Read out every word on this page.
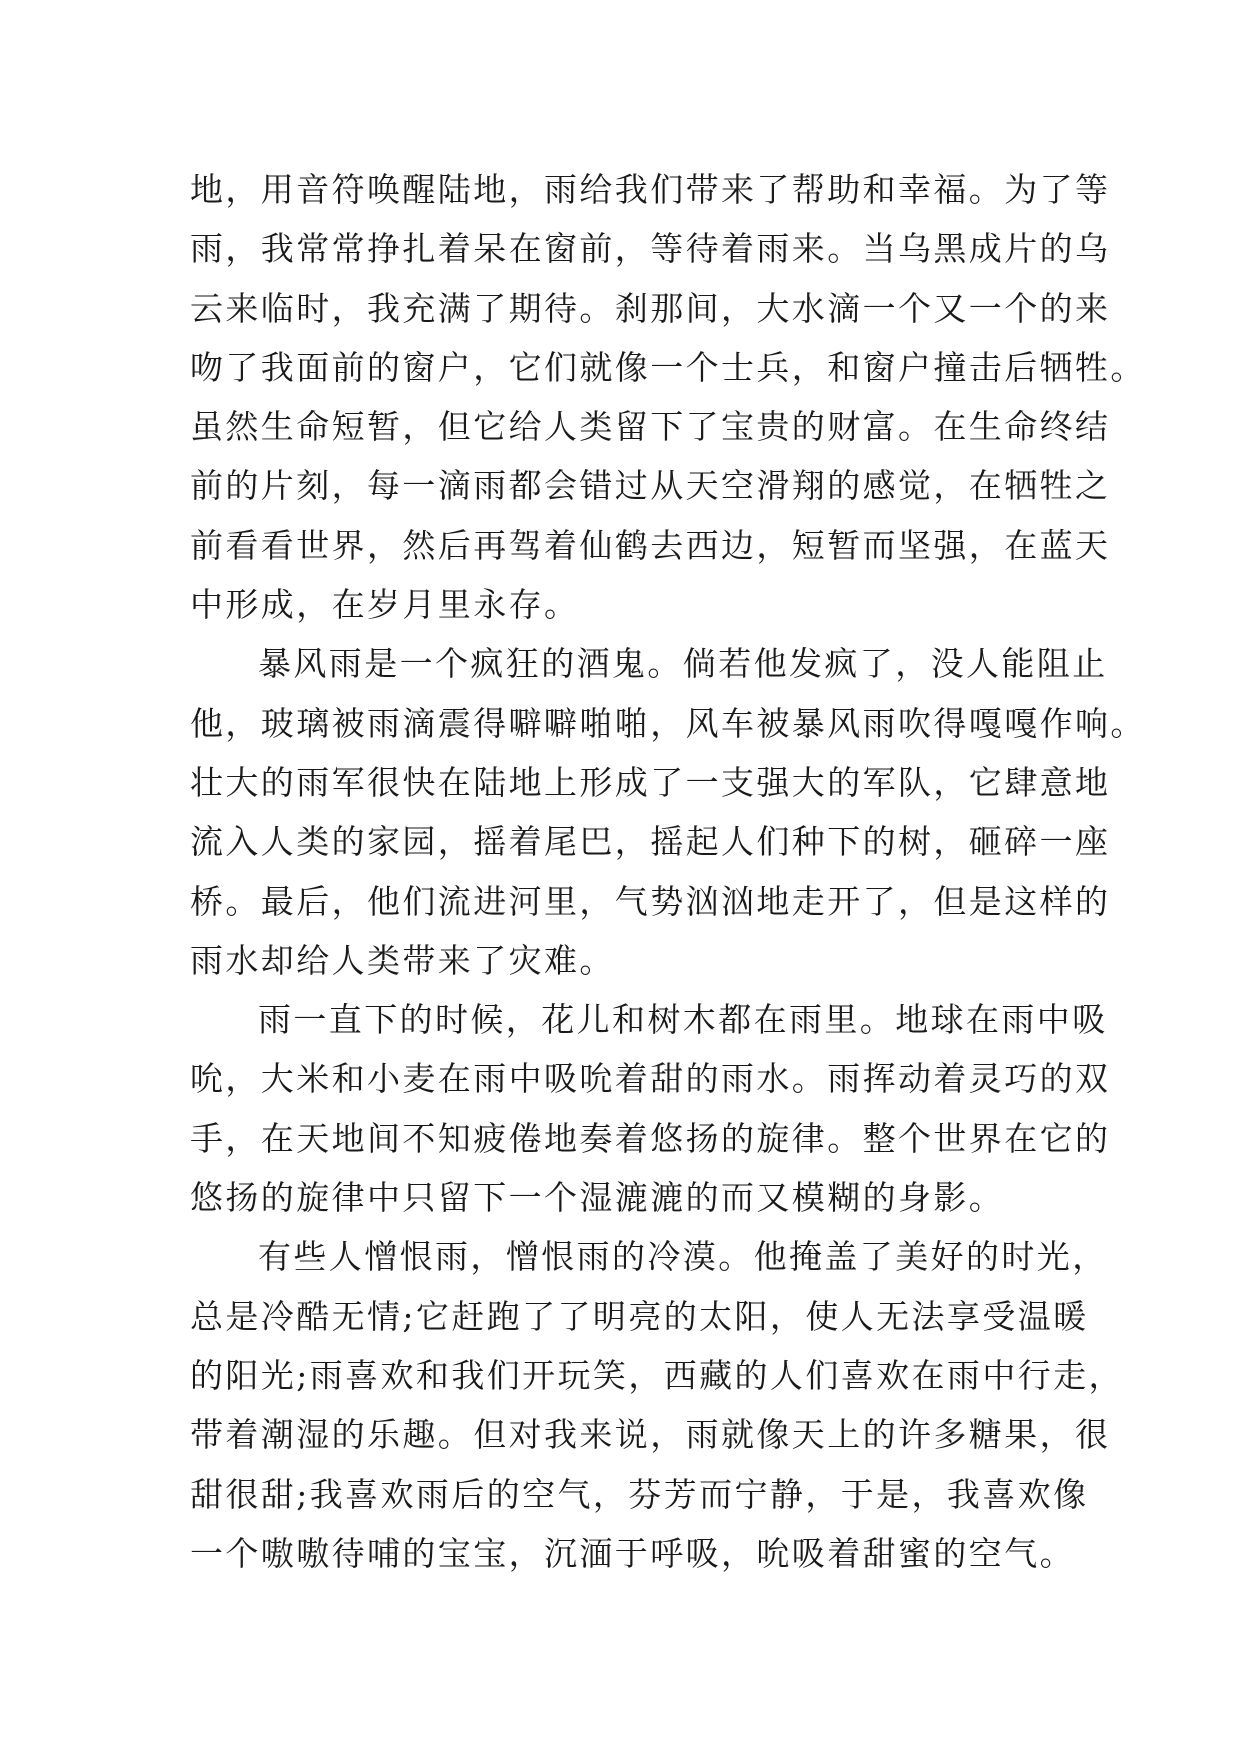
地，用音符唤醒陆地，雨给我们带来了帮助和幸福。为了等
雨，我常常挣扎着呆在窗前，等待着雨来。当乌黑成片的乌
云来临时，我充满了期待。刹那间，大水滴一个又一个的来
吻了我面前的窗户，它们就像一个士兵，和窗户撞击后牺牲。
虽然生命短暂，但它给人类留下了宝贵的财富。在生命终结
前的片刻，每一滴雨都会错过从天空滑翔的感觉，在牺牲之
前看看世界，然后再驾着仙鹤去西边，短暂而坚强，在蓝天
中形成，在岁月里永存。
暴风雨是一个疯狂的酒鬼。倘若他发疯了，没人能阻止
他，玻璃被雨滴震得噼噼啪啪，风车被暴风雨吹得嘎嘎作响。
壮大的雨军很快在陆地上形成了一支强大的军队，它肆意地
流入人类的家园，摇着尾巴，摇起人们种下的树，砸碎一座
桥。最后，他们流进河里，气势汹汹地走开了，但是这样的
雨水却给人类带来了灾难。
雨一直下的时候，花儿和树木都在雨里。地球在雨中吸
吮，大米和小麦在雨中吸吮着甜的雨水。雨挥动着灵巧的双
手，在天地间不知疲倦地奏着悠扬的旋律。整个世界在它的
悠扬的旋律中只留下一个湿漉漉的而又模糊的身影。
有些人憎恨雨，憎恨雨的冷漠。他掩盖了美好的时光，
总是冷酷无情;它赶跑了了明亮的太阳，使人无法享受温暖
的阳光;雨喜欢和我们开玩笑，西藏的人们喜欢在雨中行走，
带着潮湿的乐趣。但对我来说，雨就像天上的许多糖果，很
甜很甜;我喜欢雨后的空气，芬芳而宁静，于是，我喜欢像
一个嗷嗷待哺的宝宝，沉湎于呼吸，吮吸着甜蜜的空气。
